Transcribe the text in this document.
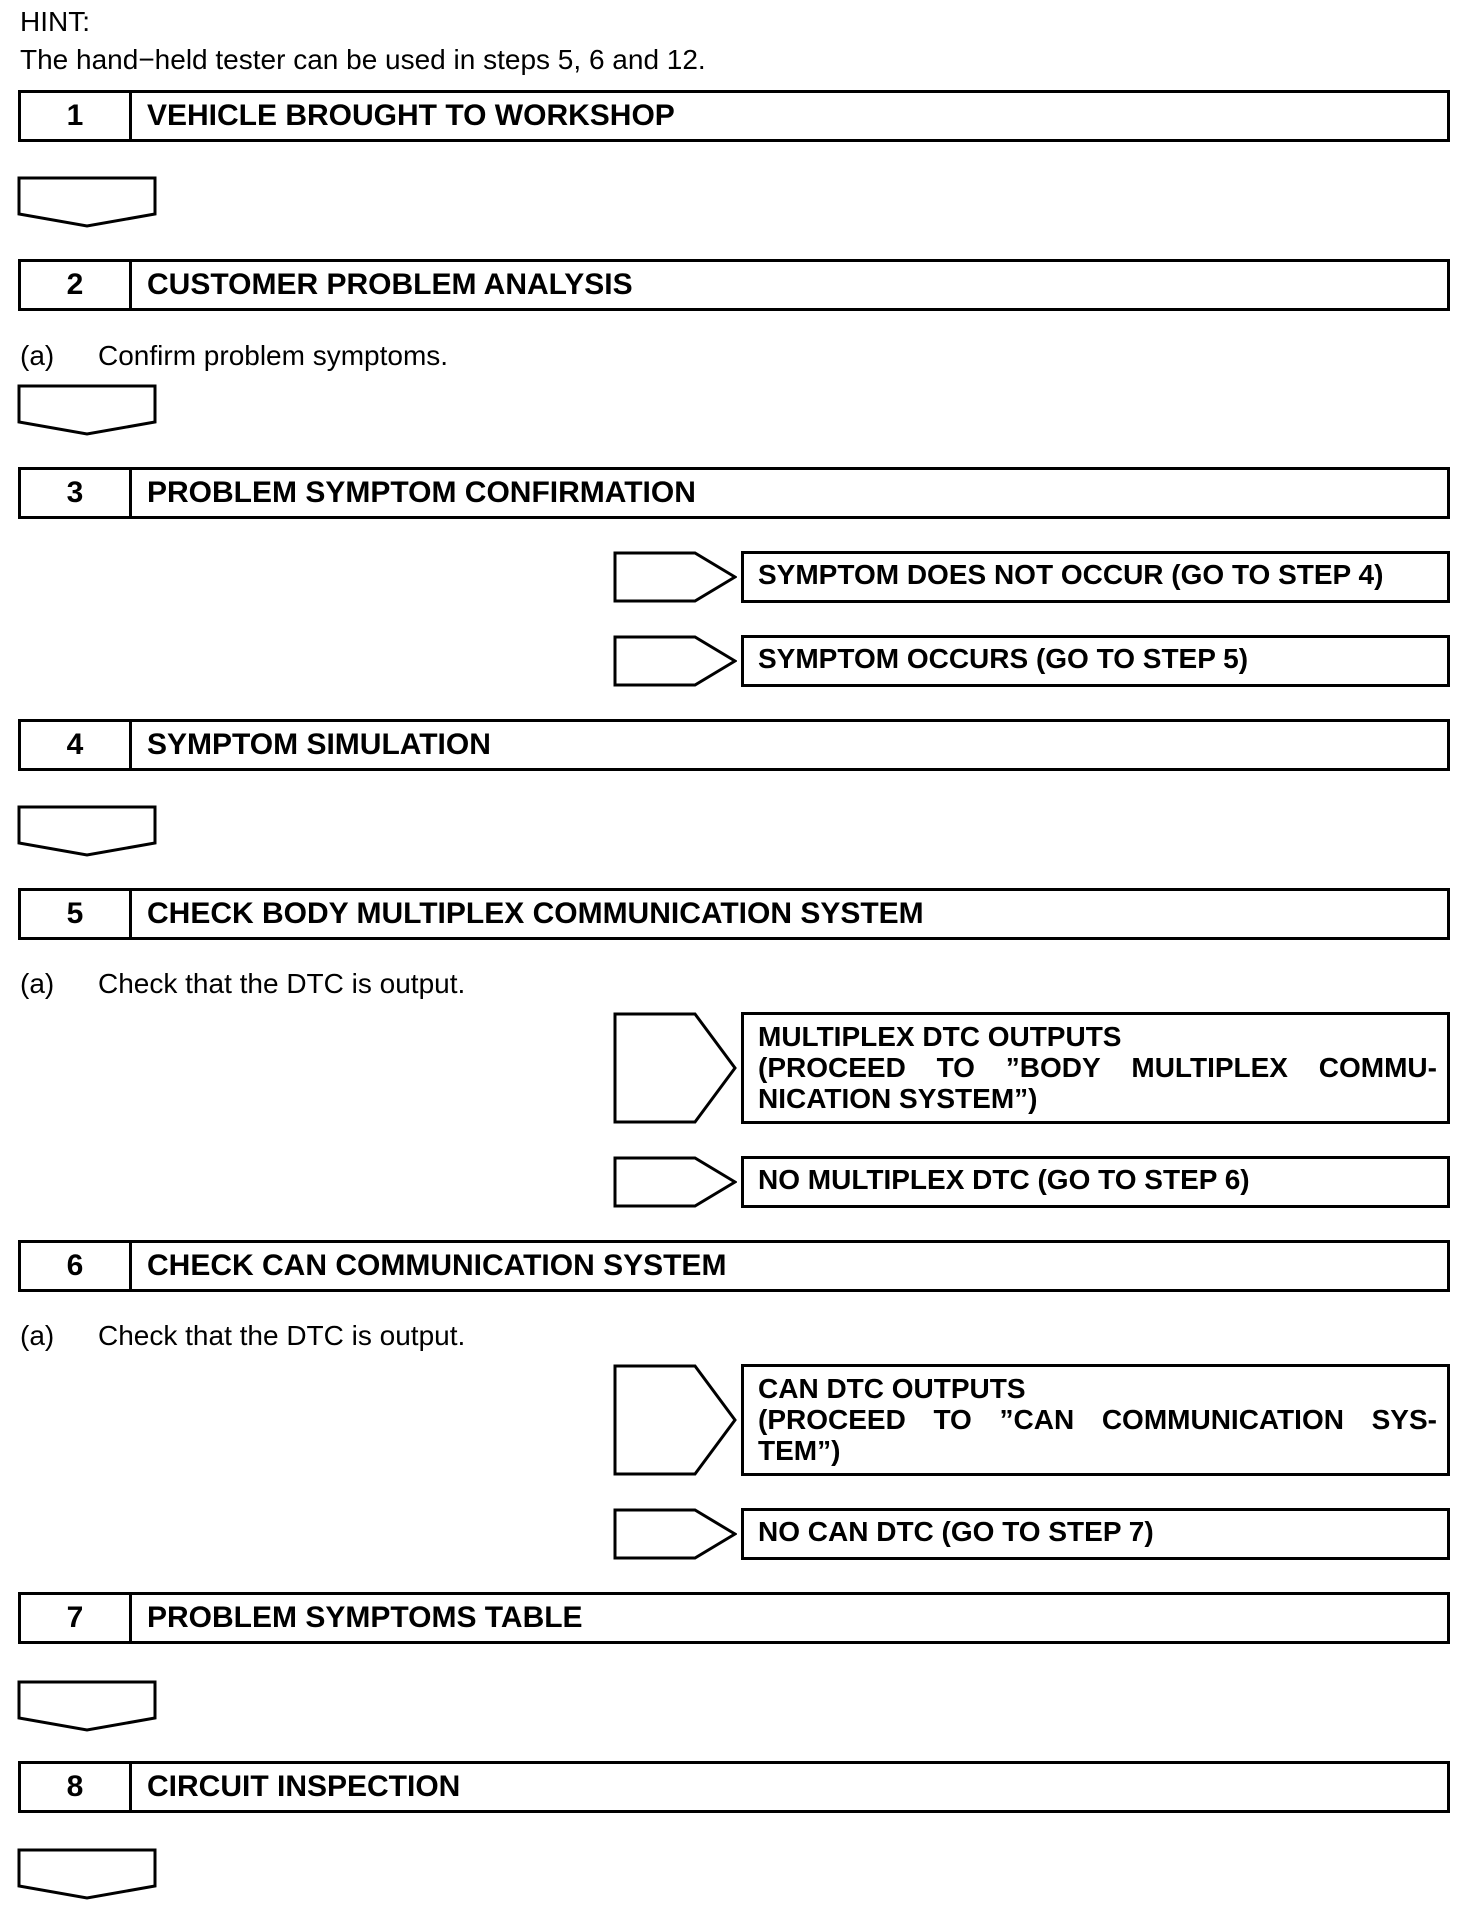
HINT:
The hand−held tester can be used in steps 5, 6 and 12.
1	VEHICLE BROUGHT TO WORKSHOP
2	CUSTOMER PROBLEM ANALYSIS
(a) Confirm problem symptoms.
3	PROBLEM SYMPTOM CONFIRMATION
SYMPTOM DOES NOT OCCUR (GO TO STEP 4)
SYMPTOM OCCURS (GO TO STEP 5)
4	SYMPTOM SIMULATION
5	CHECK BODY MULTIPLEX COMMUNICATION SYSTEM
(a) Check that the DTC is output.
MULTIPLEX DTC OUTPUTS
(PROCEED TO ”BODY MULTIPLEX COMMU-
NICATION SYSTEM”)
NO MULTIPLEX DTC (GO TO STEP 6)
6	CHECK CAN COMMUNICATION SYSTEM
(a) Check that the DTC is output.
CAN DTC OUTPUTS
(PROCEED TO ”CAN COMMUNICATION SYS-
TEM”)
NO CAN DTC (GO TO STEP 7)
7	PROBLEM SYMPTOMS TABLE
8	CIRCUIT INSPECTION
